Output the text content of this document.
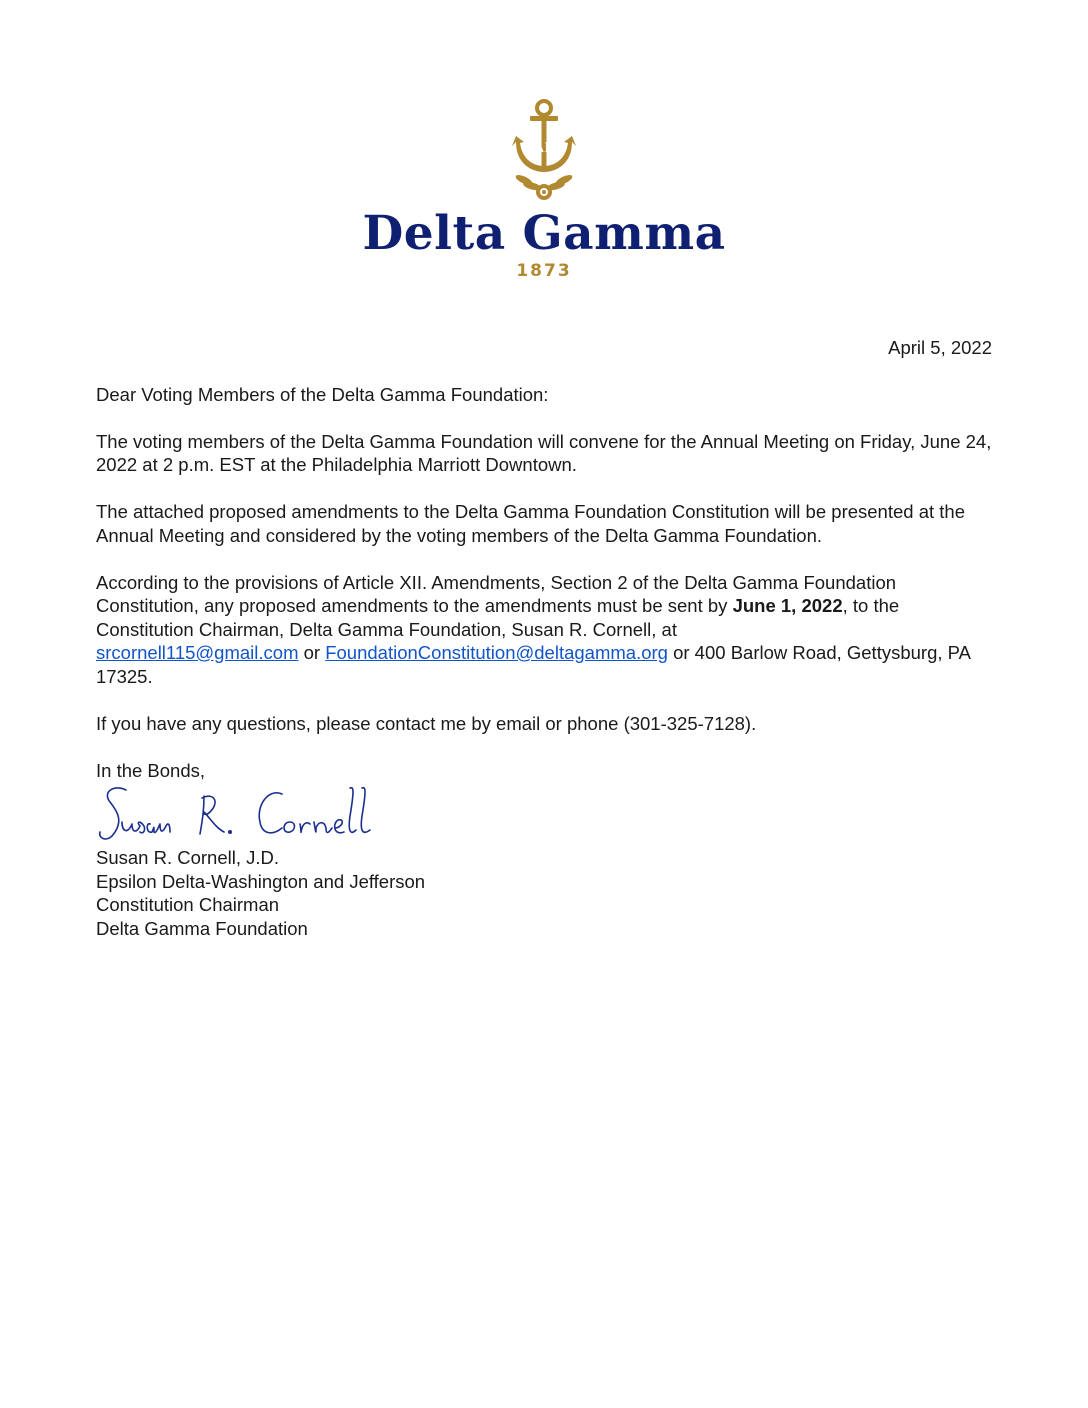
ΔΓ
Delta Gamma
1873
April 5, 2022

Dear Voting Members of the Delta Gamma Foundation:

The voting members of the Delta Gamma Foundation will convene for the Annual Meeting on Friday, June 24, 2022 at 2 p.m. EST at the Philadelphia Marriott Downtown.

The attached proposed amendments to the Delta Gamma Foundation Constitution will be presented at the Annual Meeting and considered by the voting members of the Delta Gamma Foundation.

According to the provisions of Article XII. Amendments, Section 2 of the Delta Gamma Foundation Constitution, any proposed amendments to the amendments must be sent by June 1, 2022, to the Constitution Chairman, Delta Gamma Foundation, Susan R. Cornell, at
srcornell115@gmail.com or FoundationConstitution@deltagamma.org or 400 Barlow Road, Gettysburg, PA 17325.

If you have any questions, please contact me by email or phone (301-325-7128).

In the Bonds,

Susan R. Cornell, J.D.
Epsilon Delta-Washington and Jefferson
Constitution Chairman
Delta Gamma Foundation
